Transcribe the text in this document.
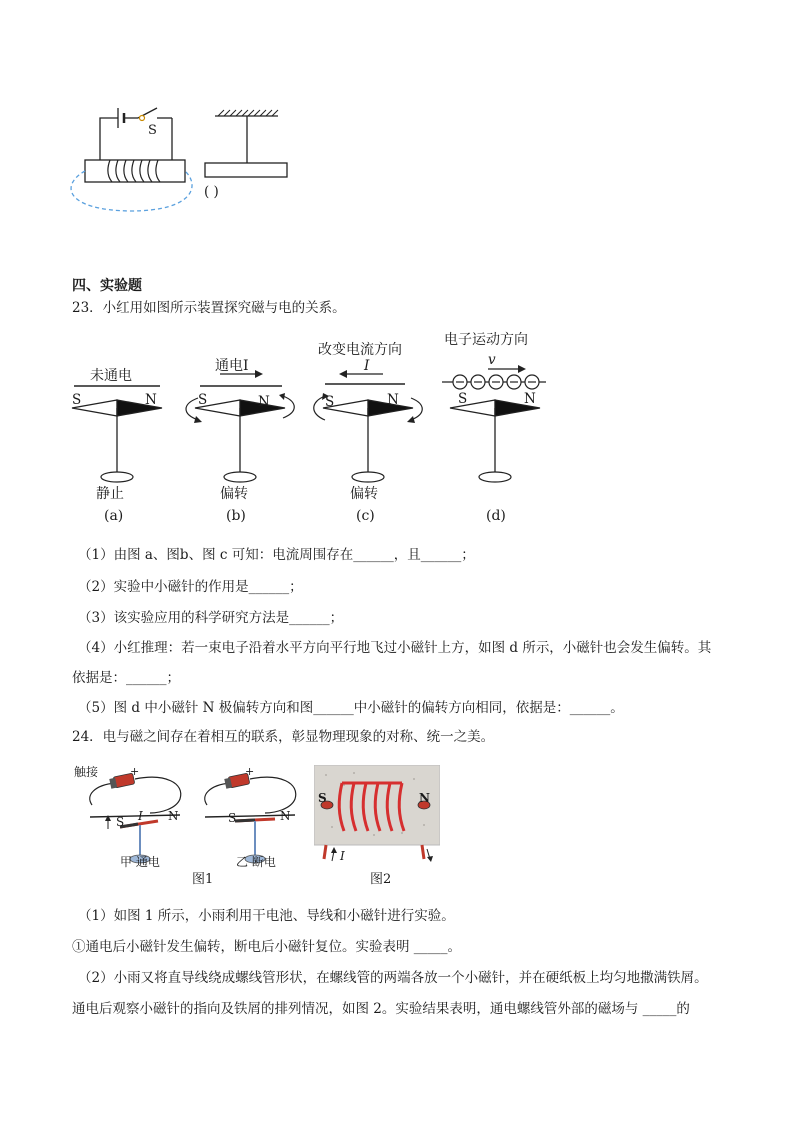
S
( )
四、实验题
23．小红用如图所示装置探究磁与电的关系。
未通电
S	N
静止
(a)
通电I
S	N
偏转
(b)
改变电流方向
I
S	N
偏转
(c)
电子运动方向
v
S	N
(d)
（1）由图 a、图b、图 c 可知：电流周围存在______，且______；
（2）实验中小磁针的作用是______；
（3）该实验应用的科学研究方法是______；
（4）小红推理：若一束电子沿着水平方向平行地飞过小磁针上方，如图 d 所示，小磁针也会发生偏转。其
依据是：______；
（5）图 d 中小磁针 N 极偏转方向和图______中小磁针的偏转方向相同，依据是：______。
24．电与磁之间存在着相互的联系，彰显物理现象的对称、统一之美。
触接	+
I
S	N
甲 通电
+
S	N
乙 断电
图1
S	N
I
图2
（1）如图 1 所示，小雨利用干电池、导线和小磁针进行实验。
①通电后小磁针发生偏转，断电后小磁针复位。实验表明 _____。
（2）小雨又将直导线绕成螺线管形状，在螺线管的两端各放一个小磁针，并在硬纸板上均匀地撒满铁屑。
通电后观察小磁针的指向及铁屑的排列情况，如图 2。实验结果表明，通电螺线管外部的磁场与 _____的
